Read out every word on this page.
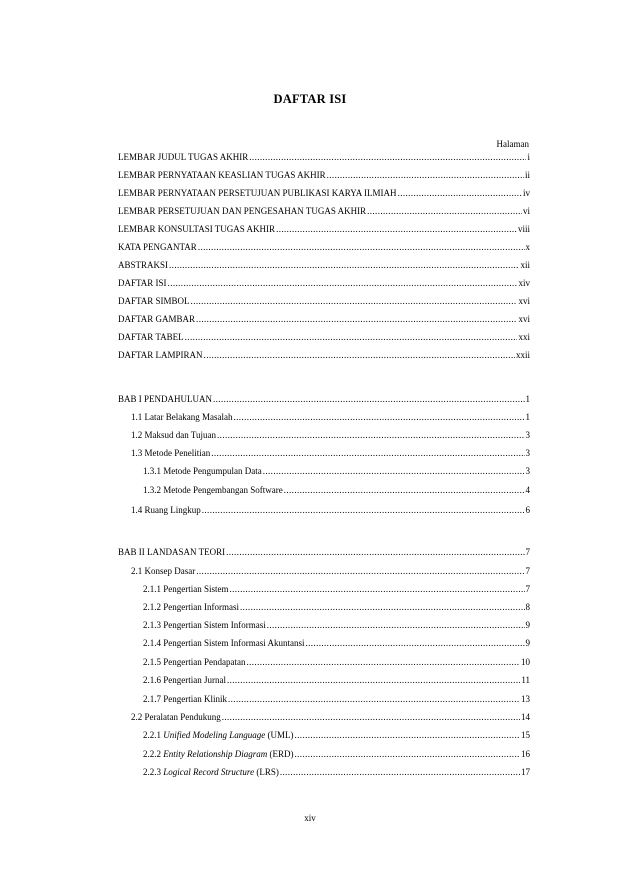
DAFTAR ISI
Halaman
LEMBAR JUDUL TUGAS AKHIR .....	i
LEMBAR PERNYATAAN KEASLIAN TUGAS AKHIR .....	ii
LEMBAR PERNYATAAN PERSETUJUAN PUBLIKASI KARYA ILMIAH .....	iv
LEMBAR PERSETUJUAN DAN PENGESAHAN TUGAS AKHIR .....	vi
LEMBAR KONSULTASI TUGAS AKHIR .....	viii
KATA PENGANTAR .....	x
ABSTRAKSI .....	xii
DAFTAR ISI .....	xiv
DAFTAR SIMBOL .....	xvi
DAFTAR GAMBAR .....	xvi
DAFTAR TABEL .....	xxi
DAFTAR LAMPIRAN .....	xxii
BAB I PENDAHULUAN .....	1
1.1 Latar Belakang Masalah .....	1
1.2 Maksud dan Tujuan .....	3
1.3 Metode Penelitian .....	3
1.3.1 Metode Pengumpulan Data .....	3
1.3.2 Metode Pengembangan Software .....	4
1.4 Ruang Lingkup .....	6
BAB II LANDASAN TEORI .....	7
2.1 Konsep Dasar .....	7
2.1.1 Pengertian Sistem .....	7
2.1.2 Pengertian Informasi .....	8
2.1.3 Pengertian Sistem Informasi .....	9
2.1.4 Pengertian Sistem Informasi Akuntansi .....	9
2.1.5 Pengertian Pendapatan .....	10
2.1.6 Pengertian Jurnal .....	11
2.1.7 Pengertian Klinik .....	13
2.2 Peralatan Pendukung .....	14
2.2.1 Unified Modeling Language (UML) .....	15
2.2.2 Entity Relationship Diagram (ERD) .....	16
2.2.3 Logical Record Structure (LRS) .....	17
xiv
